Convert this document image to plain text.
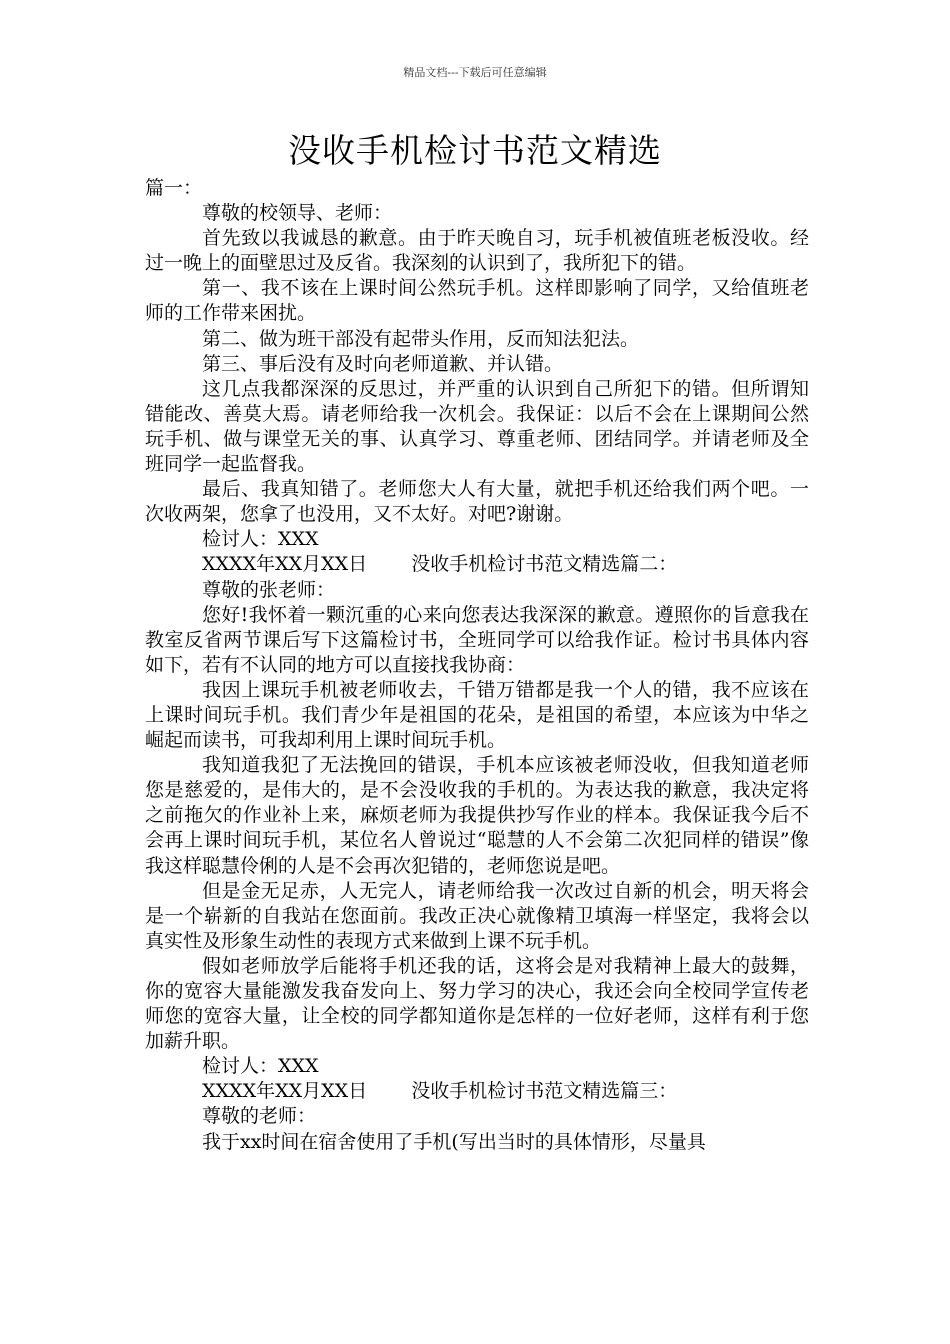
精品文档---下载后可任意编辑
没收手机检讨书范文精选

篇一：

尊敬的校领导、老师：

首先致以我诚恳的歉意。由于昨天晚自习，玩手机被值班老板没收。经过一晚上的面壁思过及反省。我深刻的认识到了，我所犯下的错。

第一、我不该在上课时间公然玩手机。这样即影响了同学，又给值班老师的工作带来困扰。

第二、做为班干部没有起带头作用，反而知法犯法。

第三、事后没有及时向老师道歉、并认错。

这几点我都深深的反思过，并严重的认识到自己所犯下的错。但所谓知错能改、善莫大焉。请老师给我一次机会。我保证：以后不会在上课期间公然玩手机、做与课堂无关的事、认真学习、尊重老师、团结同学。并请老师及全班同学一起监督我。

最后、我真知错了。老师您大人有大量，就把手机还给我们两个吧。一次收两架，您拿了也没用，又不太好。对吧?谢谢。

检讨人：XXX

XXXX年XX月XX日 没收手机检讨书范文精选篇二：

尊敬的张老师：

您好!我怀着一颗沉重的心来向您表达我深深的歉意。遵照你的旨意我在教室反省两节课后写下这篇检讨书，全班同学可以给我作证。检讨书具体内容如下，若有不认同的地方可以直接找我协商：

我因上课玩手机被老师收去，千错万错都是我一个人的错，我不应该在上课时间玩手机。我们青少年是祖国的花朵，是祖国的希望，本应该为中华之崛起而读书，可我却利用上课时间玩手机。

我知道我犯了无法挽回的错误，手机本应该被老师没收，但我知道老师您是慈爱的，是伟大的，是不会没收我的手机的。为表达我的歉意，我决定将之前拖欠的作业补上来，麻烦老师为我提供抄写作业的样本。我保证我今后不会再上课时间玩手机，某位名人曾说过“聪慧的人不会第二次犯同样的错误”像我这样聪慧伶俐的人是不会再次犯错的，老师您说是吧。

但是金无足赤，人无完人，请老师给我一次改过自新的机会，明天将会是一个崭新的自我站在您面前。我改正决心就像精卫填海一样坚定，我将会以真实性及形象生动性的表现方式来做到上课不玩手机。

假如老师放学后能将手机还我的话，这将会是对我精神上最大的鼓舞，你的宽容大量能激发我奋发向上、努力学习的决心，我还会向全校同学宣传老师您的宽容大量，让全校的同学都知道你是怎样的一位好老师，这样有利于您加薪升职。

检讨人：XXX

XXXX年XX月XX日 没收手机检讨书范文精选篇三：

尊敬的老师：

我于xx时间在宿舍使用了手机(写出当时的具体情形，尽量具
